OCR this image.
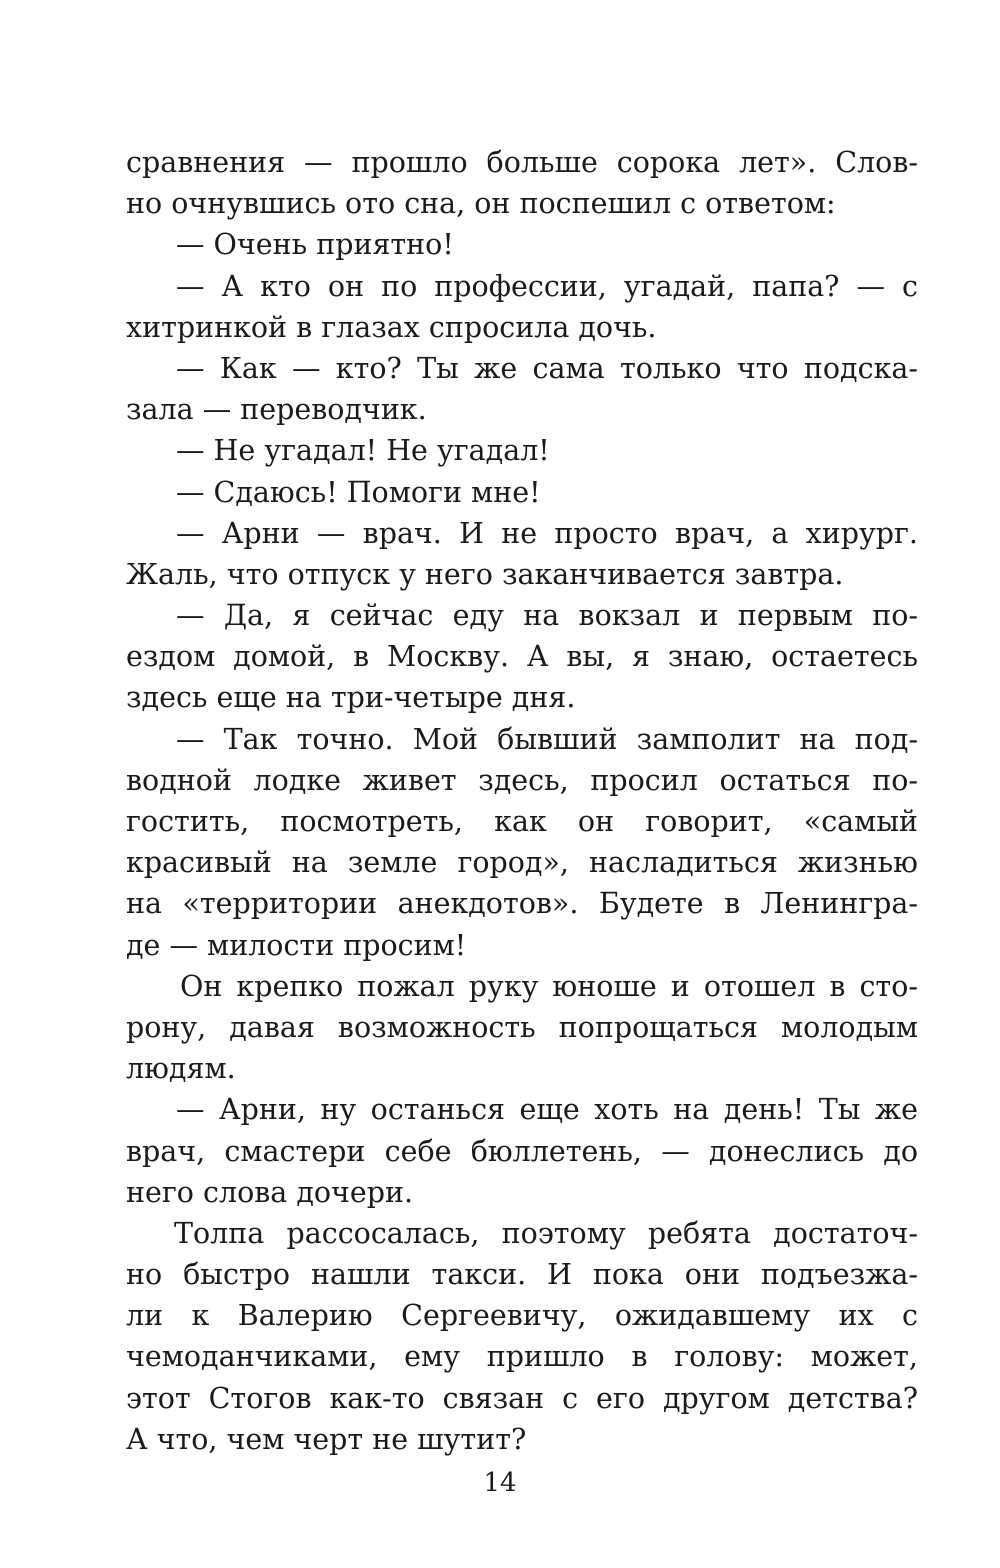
сравнения — прошло больше сорока лет». Слов-
но очнувшись ото сна, он поспешил с ответом:
— Очень приятно!
— А кто он по профессии, угадай, папа? — с
хитринкой в глазах спросила дочь.
— Как — кто? Ты же сама только что подска-
зала — переводчик.
— Не угадал! Не угадал!
— Сдаюсь! Помоги мне!
— Арни — врач. И не просто врач, а хирург.
Жаль, что отпуск у него заканчивается завтра.
— Да, я сейчас еду на вокзал и первым по-
ездом домой, в Москву. А вы, я знаю, остаетесь
здесь еще на три-четыре дня.
— Так точно. Мой бывший замполит на под-
водной лодке живет здесь, просил остаться по-
гостить, посмотреть, как он говорит, «самый
красивый на земле город», насладиться жизнью
на «территории анекдотов». Будете в Ленингра-
де — милости просим!
Он крепко пожал руку юноше и отошел в сто-
рону, давая возможность попрощаться молодым
людям.
— Арни, ну останься еще хоть на день! Ты же
врач, смастери себе бюллетень, — донеслись до
него слова дочери.
Толпа рассосалась, поэтому ребята достаточ-
но быстро нашли такси. И пока они подъезжа-
ли к Валерию Сергеевичу, ожидавшему их с
чемоданчиками, ему пришло в голову: может,
этот Стогов как-то связан с его другом детства?
А что, чем черт не шутит?
14
